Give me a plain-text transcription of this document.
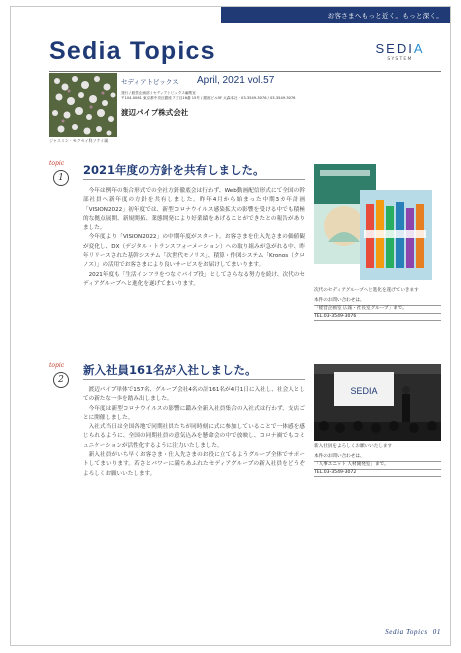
お客さまへもっと近く。もっと深く。
Sedia Topics	SEDIA
SYSTEM
ジャスミン · モクセイ科ソケイ属
セディアトピックス April, 2021 vol.57
発行 / 経営企画部 / セディアトピックス編集室
〒104-0061 東京都中央区銀座 7丁目16番 15号 / 銀座ビル5F 大森本社 · 03-3549-3076 / 03-3549-3076
渡辺パイプ株式会社
topic
1
2021年度の方針を共有しました。

今年は例年の集合形式での全社方針徹底会は行わず、Web動画配信形式にて全国の幹部社員へ新年度の方針を共有しました。昨年4月から始まった中期3カ年計画「VISION2022」初年度では、新型コロナウイルス感染拡大の影響を受ける中でも積極的な拠点展開、新規開拓、業態開発により好業績をあげることができたとの報告がありました。

今年度より「VISION2022」の中期年度がスタート。お客さまを仕入先さまの価値観が変化し、DX（デジタル・トランスフォーメーション）への取り組みが急がれる中、昨年リリースされた基幹システム「次世代モノリス」、積算・作図システム「Kronos（クロノス）」の活用でお客さまにより良いサービスをお届けしてまいります。

2021年度も「生活インフラをつなぐパイプ役」としてさらなる努力を続け、次代のセディアグループへと進化を遂げてまいります。

次代のセディアグループへと進化を遂げていきます
本件のお問い合わせは、
「経営企画室 広報・社長室グループ」まで。
TEL.03-3549-3076
topic
2
新入社員161名が入社しました。

渡辺パイプ単体で157名、グループ会社4名の計161名が4月1日に入社し、社会人としての新たな一歩を踏み出しました。

今年度は新型コロナウイルスの影響に鑑み全新入社員集合の入社式は行わず、支店ごとに開催しました。

入社式当日は全国各地で同期社員たちが同時刻に式に参加していることで一体感を感じられるように、全国の同期社員の意気込みを懸命会の中で放映し、コロナ禍でもコミュニケーションが活性化するように注力いたしました。

新入社員がいち早くお客さま・仕入先さまのお役に立てるようグループ全体でサポートしてまいります。若さとパワーに満ちあふれたセディアグループの新入社員をどうぞよろしくお願いいたします。

SEDIA
新入社員をよろしくお願いいたします
本件のお問い合わせは、
「人事ユニット 人材開発室」まで。
TEL.03-3549-3072
Sedia Topics 01
